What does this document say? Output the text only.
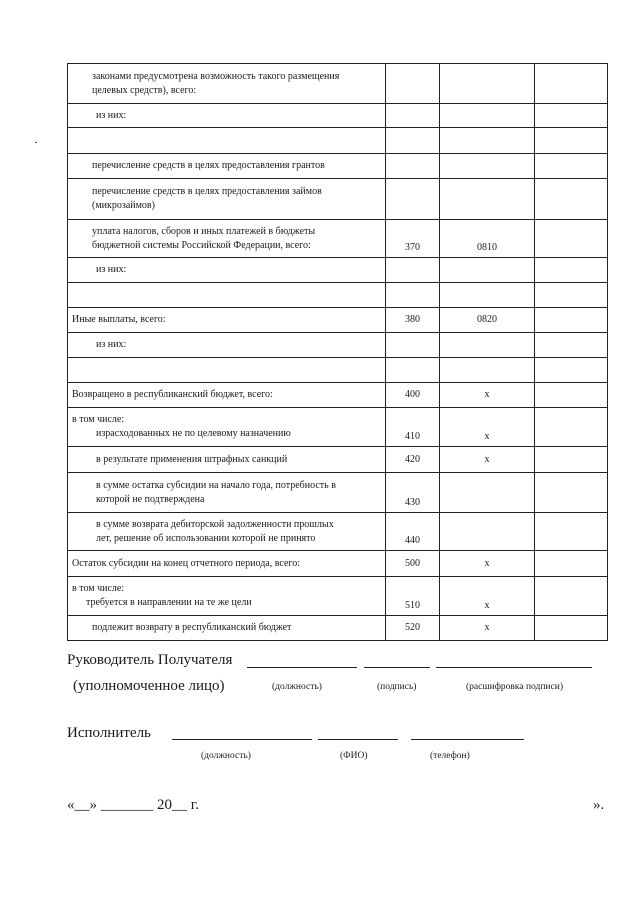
законами предусмотрена возможность такого размещения
целевых средств), всего:			
из них:			

перечисление средств в целях предоставления грантов			
перечисление средств в целях предоставления займов
(микрозаймов)			
уплата налогов, сборов и иных платежей в бюджеты
бюджетной системы Российской Федерации, всего:	370	0810	
из них:			

Иные выплаты, всего:	380	0820	
из них:			

Возвращено в республиканский бюджет, всего:	400	x	
в том числе:

израсходованных не по целевому назначению	410	x	
в результате применения штрафных санкций	420	x	
в сумме остатка субсидии на начало года, потребность в
которой не подтверждена	430		
в сумме возврата дебиторской задолженности прошлых
лет, решение об использовании которой не принято	440		
Остаток субсидии на конец отчетного периода, всего:	500	x	
в том числе:

требуется в направлении на те же цели	510	x	
подлежит возврату в республиканский бюджет	520	x	
Руководитель Получателя
(уполномоченное лицо)	(должность)	(подпись)	(расшифровка подписи)
Исполнитель
(должность)	(ФИО)	(телефон)
«__» _______ 20__ г.	».
